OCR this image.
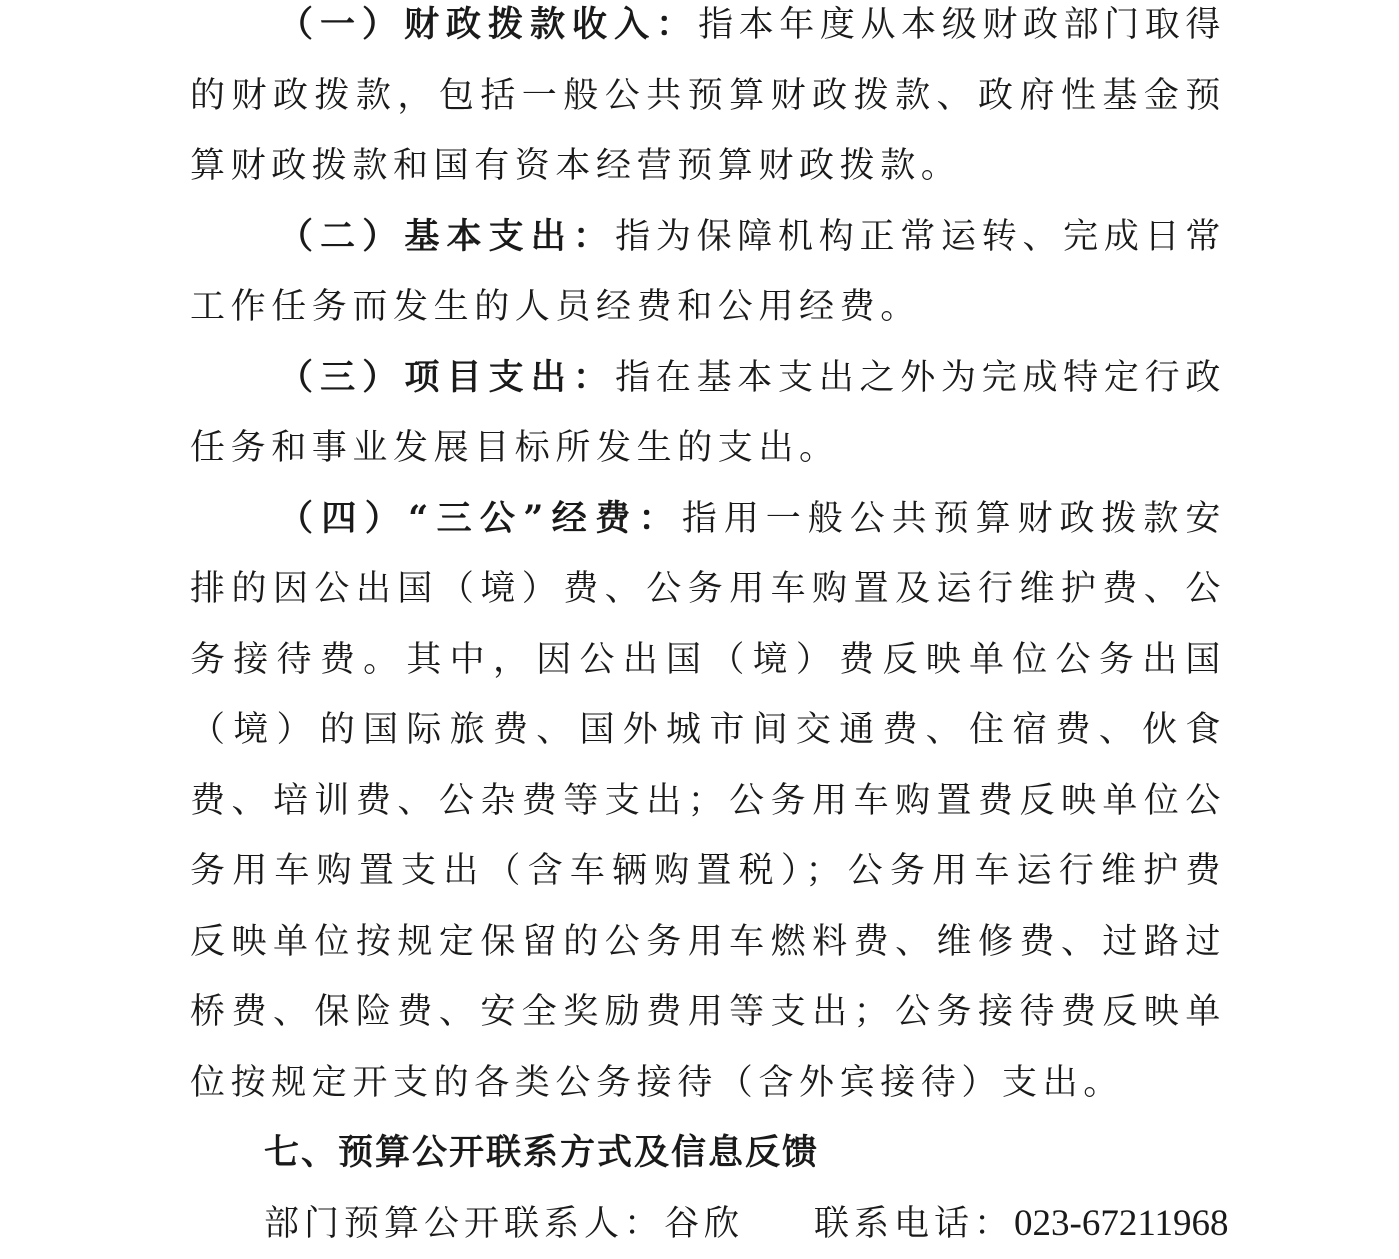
（一）财政拨款收入：指本年度从本级财政部门取得的财政拨款，包括一般公共预算财政拨款、政府性基金预算财政拨款和国有资本经营预算财政拨款。

（二）基本支出：指为保障机构正常运转、完成日常工作任务而发生的人员经费和公用经费。

（三）项目支出：指在基本支出之外为完成特定行政任务和事业发展目标所发生的支出。

（四）“三公”经费：指用一般公共预算财政拨款安排的因公出国（境）费、公务用车购置及运行维护费、公务接待费。其中，因公出国（境）费反映单位公务出国（境）的国际旅费、国外城市间交通费、住宿费、伙食费、培训费、公杂费等支出；公务用车购置费反映单位公务用车购置支出（含车辆购置税）；公务用车运行维护费反映单位按规定保留的公务用车燃料费、维修费、过路过桥费、保险费、安全奖励费用等支出；公务接待费反映单位按规定开支的各类公务接待（含外宾接待）支出。

七、预算公开联系方式及信息反馈

部门预算公开联系人：谷欣 联系电话：023-67211968
